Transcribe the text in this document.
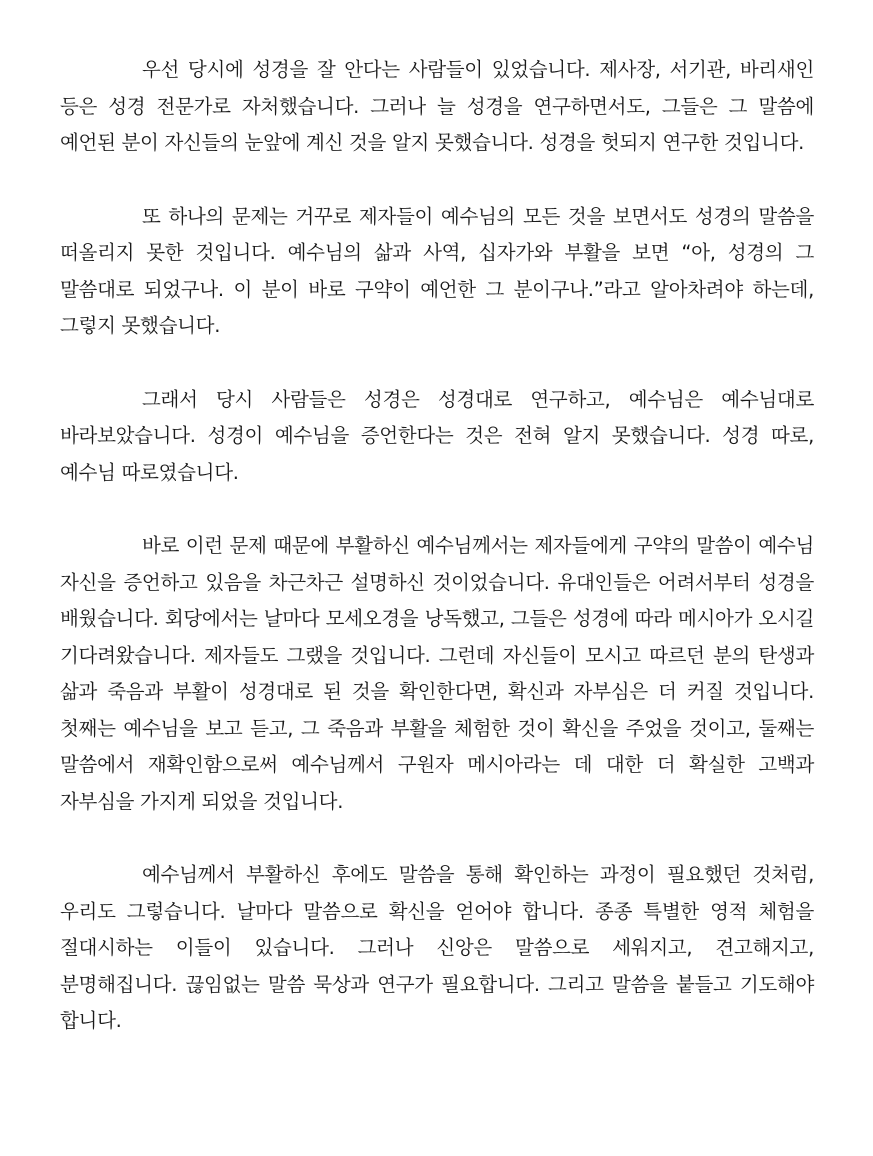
우선 당시에 성경을 잘 안다는 사람들이 있었습니다. 제사장, 서기관, 바리새인 등은 성경 전문가로 자처했습니다. 그러나 늘 성경을 연구하면서도, 그들은 그 말씀에 예언된 분이 자신들의 눈앞에 계신 것을 알지 못했습니다. 성경을 헛되지 연구한 것입니다.

또 하나의 문제는 거꾸로 제자들이 예수님의 모든 것을 보면서도 성경의 말씀을 떠올리지 못한 것입니다. 예수님의 삶과 사역, 십자가와 부활을 보면 “아, 성경의 그 말씀대로 되었구나. 이 분이 바로 구약이 예언한 그 분이구나.”라고 알아차려야 하는데, 그렇지 못했습니다.

그래서 당시 사람들은 성경은 성경대로 연구하고, 예수님은 예수님대로 바라보았습니다. 성경이 예수님을 증언한다는 것은 전혀 알지 못했습니다. 성경 따로, 예수님 따로였습니다.

바로 이런 문제 때문에 부활하신 예수님께서는 제자들에게 구약의 말씀이 예수님 자신을 증언하고 있음을 차근차근 설명하신 것이었습니다. 유대인들은 어려서부터 성경을 배웠습니다. 회당에서는 날마다 모세오경을 낭독했고, 그들은 성경에 따라 메시아가 오시길 기다려왔습니다. 제자들도 그랬을 것입니다. 그런데 자신들이 모시고 따르던 분의 탄생과 삶과 죽음과 부활이 성경대로 된 것을 확인한다면, 확신과 자부심은 더 커질 것입니다. 첫째는 예수님을 보고 듣고, 그 죽음과 부활을 체험한 것이 확신을 주었을 것이고, 둘째는 말씀에서 재확인함으로써 예수님께서 구원자 메시아라는 데 대한 더 확실한 고백과 자부심을 가지게 되었을 것입니다.

예수님께서 부활하신 후에도 말씀을 통해 확인하는 과정이 필요했던 것처럼, 우리도 그렇습니다. 날마다 말씀으로 확신을 얻어야 합니다. 종종 특별한 영적 체험을 절대시하는 이들이 있습니다. 그러나 신앙은 말씀으로 세워지고, 견고해지고, 분명해집니다. 끊임없는 말씀 묵상과 연구가 필요합니다. 그리고 말씀을 붙들고 기도해야 합니다.
